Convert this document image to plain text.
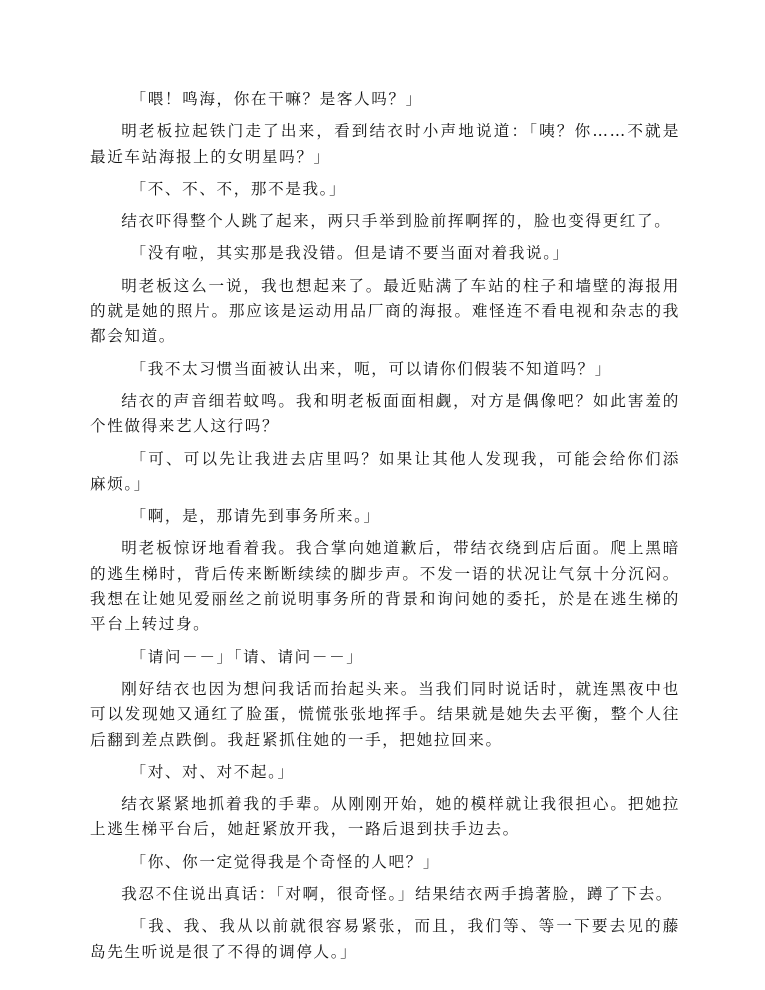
「喂！鸣海，你在干嘛？是客人吗？」

明老板拉起铁门走了出来，看到结衣时小声地说道：「咦？你……不就是最近车站海报上的女明星吗？」

「不、不、不，那不是我。」

结衣吓得整个人跳了起来，两只手举到脸前挥啊挥的，脸也变得更红了。

「没有啦，其实那是我没错。但是请不要当面对着我说。」

明老板这么一说，我也想起来了。最近贴满了车站的柱子和墙壁的海报用的就是她的照片。那应该是运动用品厂商的海报。难怪连不看电视和杂志的我都会知道。

「我不太习惯当面被认出来，呃，可以请你们假装不知道吗？」

结衣的声音细若蚊鸣。我和明老板面面相觑，对方是偶像吧？如此害羞的个性做得来艺人这行吗？

「可、可以先让我进去店里吗？如果让其他人发现我，可能会给你们添麻烦。」

「啊，是，那请先到事务所来。」

明老板惊讶地看着我。我合掌向她道歉后，带结衣绕到店后面。爬上黑暗的逃生梯时，背后传来断断续续的脚步声。不发一语的状况让气氛十分沉闷。我想在让她见爱丽丝之前说明事务所的背景和询问她的委托，於是在逃生梯的平台上转过身。

「请问－－」「请、请问－－」

刚好结衣也因为想问我话而抬起头来。当我们同时说话时，就连黑夜中也可以发现她又通红了脸蛋，慌慌张张地挥手。结果就是她失去平衡，整个人往后翻到差点跌倒。我赶紧抓住她的一手，把她拉回来。

「对、对、对不起。」

结衣紧紧地抓着我的手辈。从刚刚开始，她的模样就让我很担心。把她拉上逃生梯平台后，她赶紧放开我，一路后退到扶手边去。

「你、你一定觉得我是个奇怪的人吧？」

我忍不住说出真话：「对啊，很奇怪。」结果结衣两手摀著脸，蹲了下去。

「我、我、我从以前就很容易紧张，而且，我们等、等一下要去见的藤岛先生听说是很了不得的调停人。」
